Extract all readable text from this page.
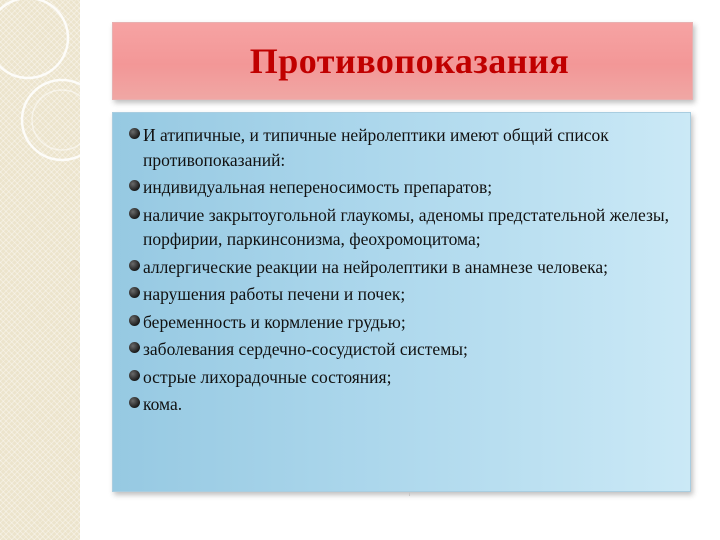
Противопоказания
И атипичные, и типичные нейролептики имеют общий список противопоказаний:
индивидуальная непереносимость препаратов;
наличие закрытоугольной глаукомы, аденомы предстательной железы, порфирии, паркинсонизма, феохромоцитома;
аллергические реакции на нейролептики в анамнезе человека;
нарушения работы печени и почек;
беременность и кормление грудью;
заболевания сердечно-сосудистой системы;
острые лихорадочные состояния;
кома.
